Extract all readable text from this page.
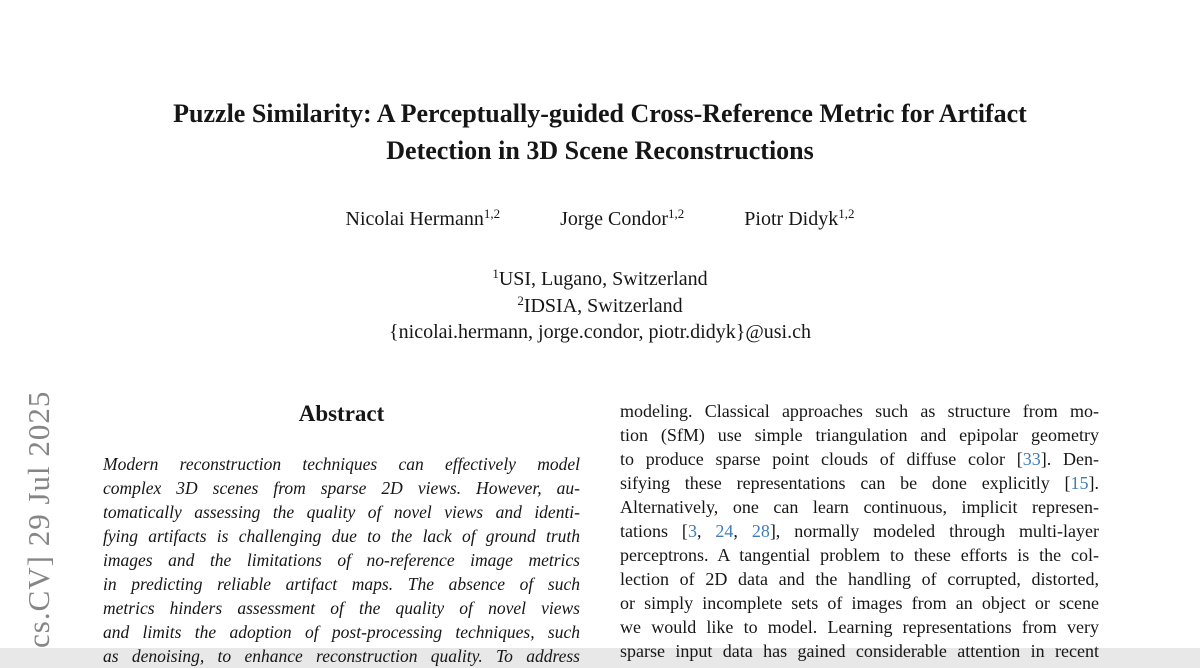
cs.CV] 29 Jul 2025
Puzzle Similarity: A Perceptually-guided Cross-Reference Metric for Artifact
Detection in 3D Scene Reconstructions
Nicolai Hermann$^{1,2}$	Jorge Condor$^{1,2}$	Piotr Didyk$^{1,2}$
$^1$USI, Lugano, Switzerland
$^2$IDSIA, Switzerland
{nicolai.hermann, jorge.condor, piotr.didyk}@usi.ch
Abstract
Modern reconstruction techniques can effectively model
complex 3D scenes from sparse 2D views. However, au-
tomatically assessing the quality of novel views and identi-
fying artifacts is challenging due to the lack of ground truth
images and the limitations of no-reference image metrics
in predicting reliable artifact maps. The absence of such
metrics hinders assessment of the quality of novel views
and limits the adoption of post-processing techniques, such
as denoising, to enhance reconstruction quality. To address
modeling. Classical approaches such as structure from mo-
tion (SfM) use simple triangulation and epipolar geometry
to produce sparse point clouds of diffuse color [33]. Den-
sifying these representations can be done explicitly [15].
Alternatively, one can learn continuous, implicit represen-
tations [3, 24, 28], normally modeled through multi-layer
perceptrons. A tangential problem to these efforts is the col-
lection of 2D data and the handling of corrupted, distorted,
or simply incomplete sets of images from an object or scene
we would like to model. Learning representations from very
sparse input data has gained considerable attention in recent
